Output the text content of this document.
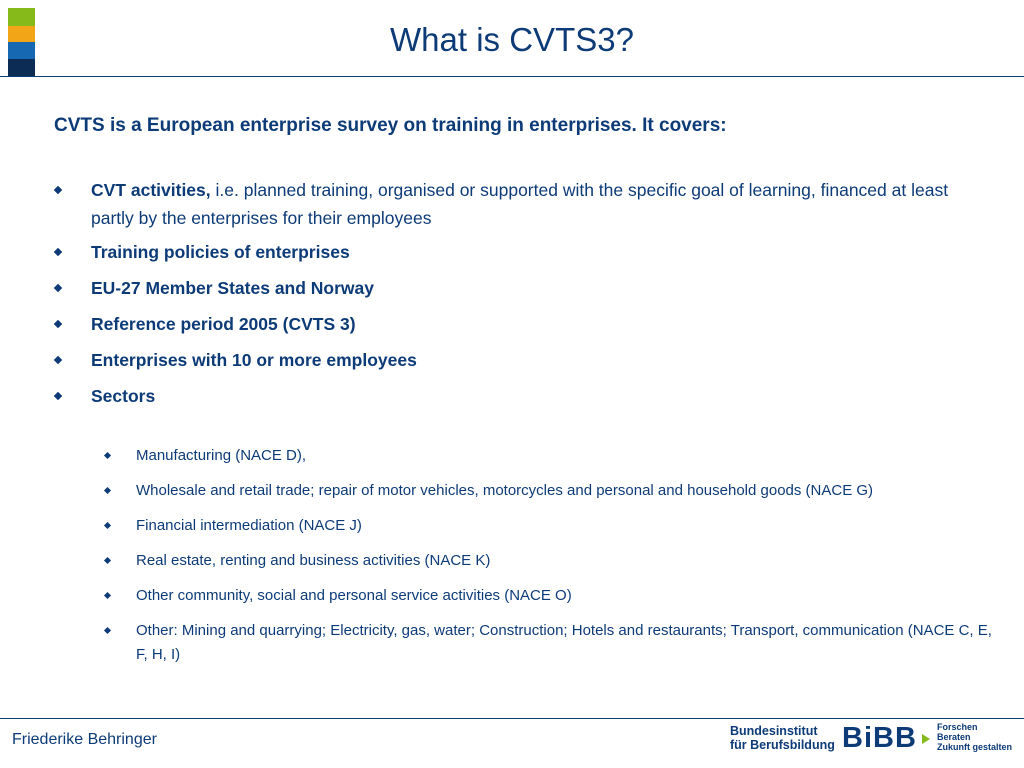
What is CVTS3?
CVTS is a European enterprise survey on training in enterprises. It covers:
CVT activities, i.e. planned training, organised or supported with the specific goal of learning, financed at least partly by the enterprises for their employees
Training policies of enterprises
EU-27 Member States and Norway
Reference period 2005 (CVTS 3)
Enterprises with 10 or more employees
Sectors
Manufacturing (NACE D),
Wholesale and retail trade; repair of motor vehicles, motorcycles and personal and household goods (NACE G)
Financial intermediation (NACE J)
Real estate, renting and business activities (NACE K)
Other community, social and personal service activities (NACE O)
Other: Mining and quarrying; Electricity, gas, water; Construction; Hotels and restaurants; Transport, communication (NACE C, E, F, H, I)
Friederike Behringer	Bundesinstitut
für Berufsbildung BiBB Forschen
Beraten
Zukunft gestalten
